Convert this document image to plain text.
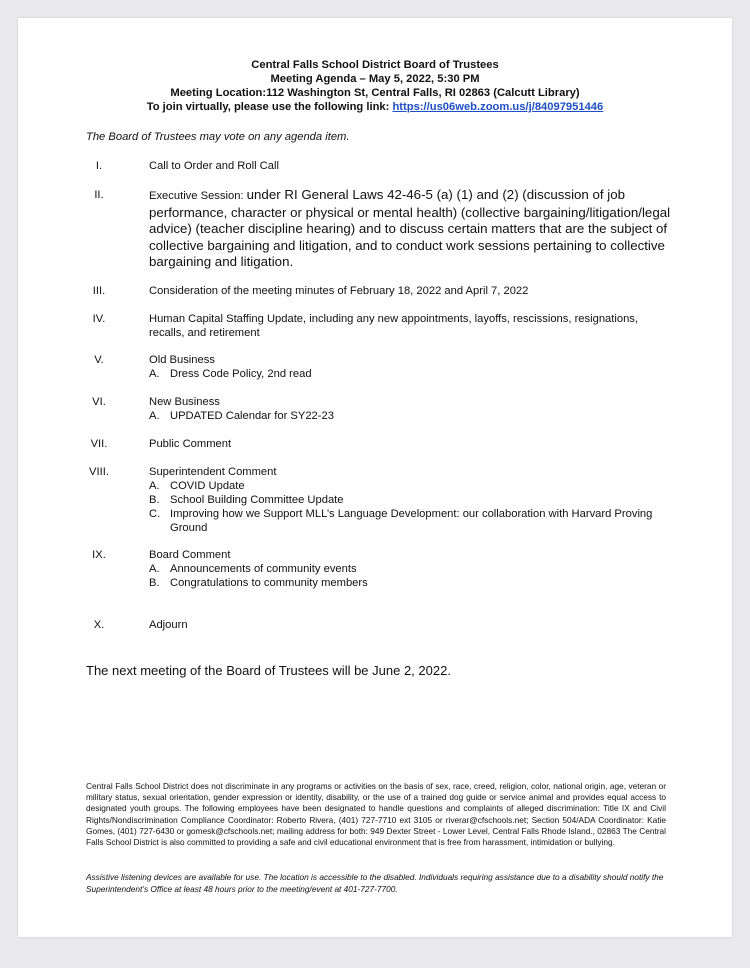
Central Falls School District Board of Trustees
Meeting Agenda – May 5, 2022, 5:30 PM
Meeting Location:112 Washington St, Central Falls, RI 02863 (Calcutt Library)
To join virtually, please use the following link: https://us06web.zoom.us/j/84097951446
The Board of Trustees may vote on any agenda item.
I.	Call to Order and Roll Call
II.	Executive Session: under RI General Laws 42-46-5 (a) (1) and (2) (discussion of job performance, character or physical or mental health) (collective bargaining/litigation/legal advice) (teacher discipline hearing) and to discuss certain matters that are the subject of collective bargaining and litigation, and to conduct work sessions pertaining to collective bargaining and litigation.
III.	Consideration of the meeting minutes of February 18, 2022 and April 7, 2022
IV.	Human Capital Staffing Update, including any new appointments, layoffs, rescissions, resignations, recalls, and retirement
V.	Old Business
A. Dress Code Policy, 2nd read
VI.	New Business
A. UPDATED Calendar for SY22-23
VII.	Public Comment
VIII.	Superintendent Comment
A. COVID Update
B. School Building Committee Update
C. Improving how we Support MLL’s Language Development: our collaboration with Harvard Proving Ground
IX.	Board Comment
A. Announcements of community events
B. Congratulations to community members
X.	Adjourn
The next meeting of the Board of Trustees will be June 2, 2022.
Central Falls School District does not discriminate in any programs or activities on the basis of sex, race, creed, religion, color, national origin, age, veteran or military status, sexual orientation, gender expression or identity, disability, or the use of a trained dog guide or service animal and provides equal access to designated youth groups. The following employees have been designated to handle questions and complaints of alleged discrimination: Title IX and Civil Rights/Nondiscrimination Compliance Coordinator: Roberto Rivera, (401) 727-7710 ext 3105 or riverar@cfschools.net; Section 504/ADA Coordinator: Katie Gomes, (401) 727-6430 or gomesk@cfschools.net; mailing address for both: 949 Dexter Street - Lower Level, Central Falls Rhode Island., 02863 The Central Falls School District is also committed to providing a safe and civil educational environment that is free from harassment, intimidation or bullying.
Assistive listening devices are available for use. The location is accessible to the disabled. Individuals requiring assistance due to a disability should notify the Superintendent’s Office at least 48 hours prior to the meeting/event at 401-727-7700.
